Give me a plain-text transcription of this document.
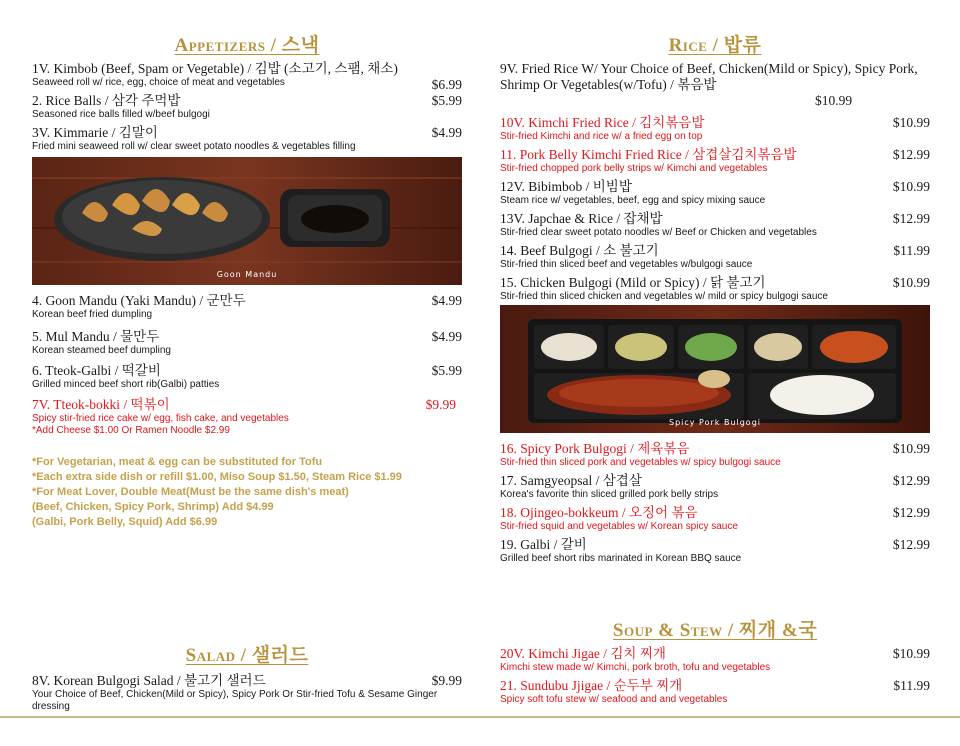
Appetizers / 스낵
1V. Kimbob (Beef, Spam or Vegetable) / 김밥 (소고기, 스팸, 채소)
$6.99
Seaweed roll w/ rice, egg, choice of meat and vegetables
2. Rice Balls / 삼각 주먹밥	$5.99
Seasoned rice balls filled w/beef bulgogi
3V. Kimmarie / 김말이	$4.99
Fried mini seaweed roll w/ clear sweet potato noodles & vegetables filling
Goon Mandu
4. Goon Mandu (Yaki Mandu) / 군만두	$4.99
Korean beef fried dumpling
5. Mul Mandu / 물만두	$4.99
Korean steamed beef dumpling
6. Tteok-Galbi / 떡갈비	$5.99
Grilled minced beef short rib(Galbi) patties
7V. Tteok-bokki / 떡볶이	$9.99
Spicy stir-fried rice cake w/ egg, fish cake, and vegetables
*Add Cheese $1.00 Or Ramen Noodle $2.99
*For Vegetarian, meat & egg can be substituted for Tofu
*Each extra side dish or refill $1.00, Miso Soup $1.50, Steam Rice $1.99
*For Meat Lover, Double Meat(Must be the same dish's meat)
(Beef, Chicken, Spicy Pork, Shrimp) Add $4.99
(Galbi, Pork Belly, Squid) Add $6.99
Salad / 샐러드
8V. Korean Bulgogi Salad / 불고기 샐러드	$9.99
Your Choice of Beef, Chicken(Mild or Spicy), Spicy Pork Or Stir-fried Tofu & Sesame Ginger dressing
Rice / 밥류
9V. Fried Rice W/ Your Choice of Beef, Chicken(Mild or Spicy), Spicy Pork, Shrimp Or Vegetables(w/Tofu) / 볶음밥
$10.99
10V. Kimchi Fried Rice / 김치볶음밥	$10.99
Stir-fried Kimchi and rice w/ a fried egg on top
11. Pork Belly Kimchi Fried Rice / 삼겹살김치볶음밥	$12.99
Stir-fried chopped pork belly strips w/ Kimchi and vegetables
12V. Bibimbob / 비빔밥	$10.99
Steam rice w/ vegetables, beef, egg and spicy mixing sauce
13V. Japchae & Rice / 잡채밥	$12.99
Stir-fried clear sweet potato noodles w/ Beef or Chicken and vegetables
14. Beef Bulgogi / 소 불고기	$11.99
Stir-fried thin sliced beef and vegetables w/bulgogi sauce
15. Chicken Bulgogi (Mild or Spicy) / 닭 불고기	$10.99
Stir-fried thin sliced chicken and vegetables w/ mild or spicy bulgogi sauce
Spicy Pork Bulgogi
16. Spicy Pork Bulgogi / 제육볶음	$10.99
Stir-fried thin sliced pork and vegetables w/ spicy bulgogi sauce
17. Samgyeopsal / 삼겹살	$12.99
Korea's favorite thin sliced grilled pork belly strips
18. Ojingeo-bokkeum / 오징어 볶음	$12.99
Stir-fried squid and vegetables w/ Korean spicy sauce
19. Galbi / 갈비	$12.99
Grilled beef short ribs marinated in Korean BBQ sauce
Soup & Stew / 찌개 &국
20V. Kimchi Jigae / 김치 찌개	$10.99
Kimchi stew made w/ Kimchi, pork broth, tofu and vegetables
21. Sundubu Jjigae / 순두부 찌개	$11.99
Spicy soft tofu stew w/ seafood and and vegetables
